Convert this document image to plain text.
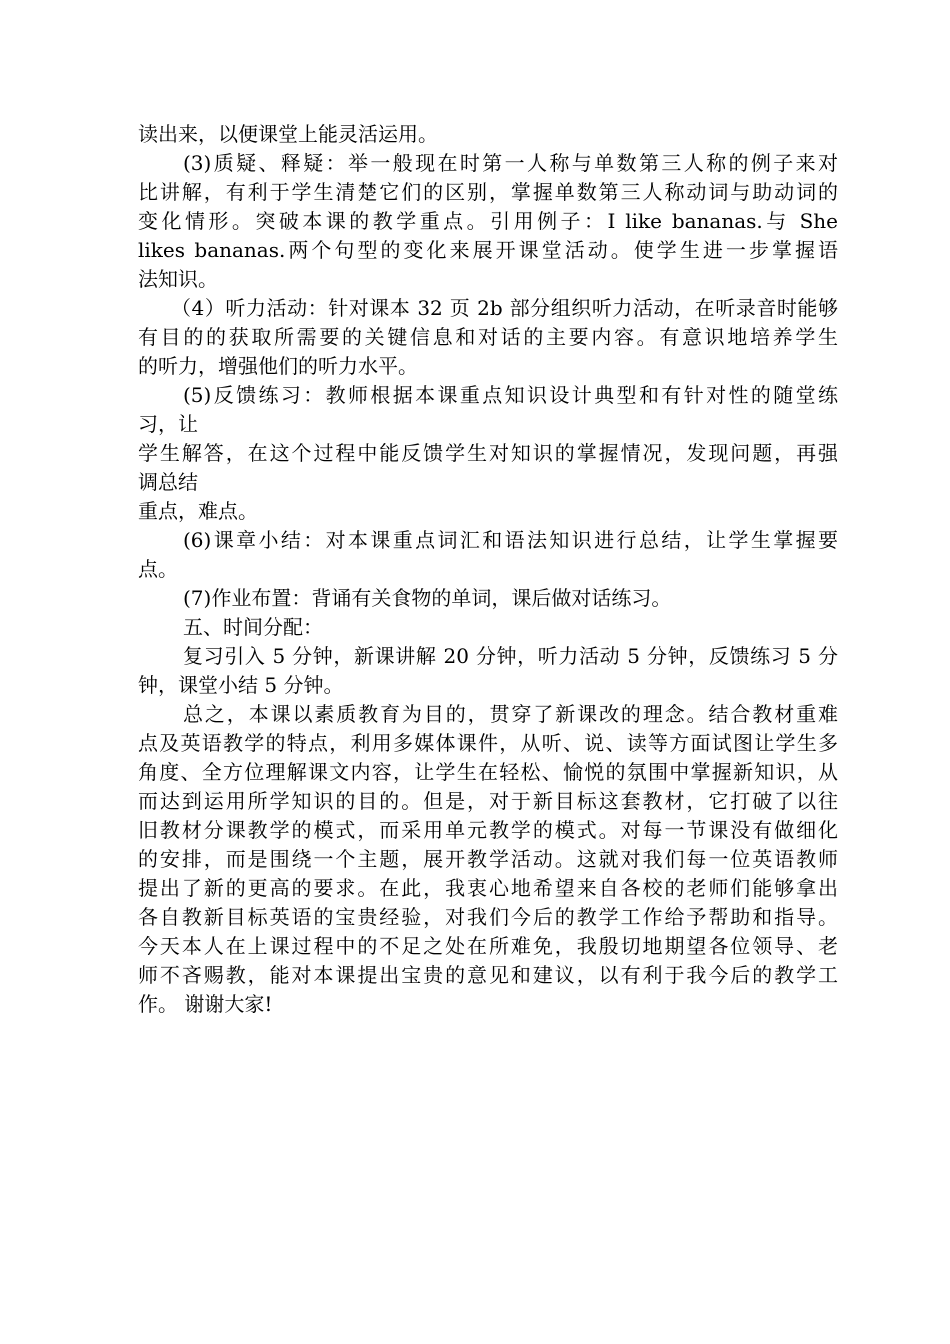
读出来，以便课堂上能灵活运用。
(3)质疑、释疑：举一般现在时第一人称与单数第三人称的例子来对
比讲解，有利于学生清楚它们的区别，掌握单数第三人称动词与助动词的
变化情形。突破本课的教学重点。引用例子：I like bananas.与 She
likes bananas.两个句型的变化来展开课堂活动。使学生进一步掌握语
法知识。
（4）听力活动：针对课本 32 页 2b 部分组织听力活动，在听录音时能够
有目的的获取所需要的关键信息和对话的主要内容。有意识地培养学生
的听力，增强他们的听力水平。
(5)反馈练习：教师根据本课重点知识设计典型和有针对性的随堂练
习，让
学生解答，在这个过程中能反馈学生对知识的掌握情况，发现问题，再强
调总结
重点，难点。
(6)课章小结：对本课重点词汇和语法知识进行总结，让学生掌握要
点。
(7)作业布置：背诵有关食物的单词，课后做对话练习。
五、时间分配：
复习引入 5 分钟，新课讲解 20 分钟，听力活动 5 分钟，反馈练习 5 分
钟，课堂小结 5 分钟。
总之，本课以素质教育为目的，贯穿了新课改的理念。结合教材重难
点及英语教学的特点，利用多媒体课件，从听、说、读等方面试图让学生多
角度、全方位理解课文内容，让学生在轻松、愉悦的氛围中掌握新知识，从
而达到运用所学知识的目的。但是，对于新目标这套教材，它打破了以往
旧教材分课教学的模式，而采用单元教学的模式。对每一节课没有做细化
的安排，而是围绕一个主题，展开教学活动。这就对我们每一位英语教师
提出了新的更高的要求。在此，我衷心地希望来自各校的老师们能够拿出
各自教新目标英语的宝贵经验，对我们今后的教学工作给予帮助和指导。
今天本人在上课过程中的不足之处在所难免，我殷切地期望各位领导、老
师不吝赐教，能对本课提出宝贵的意见和建议，以有利于我今后的教学工
作。 谢谢大家!
